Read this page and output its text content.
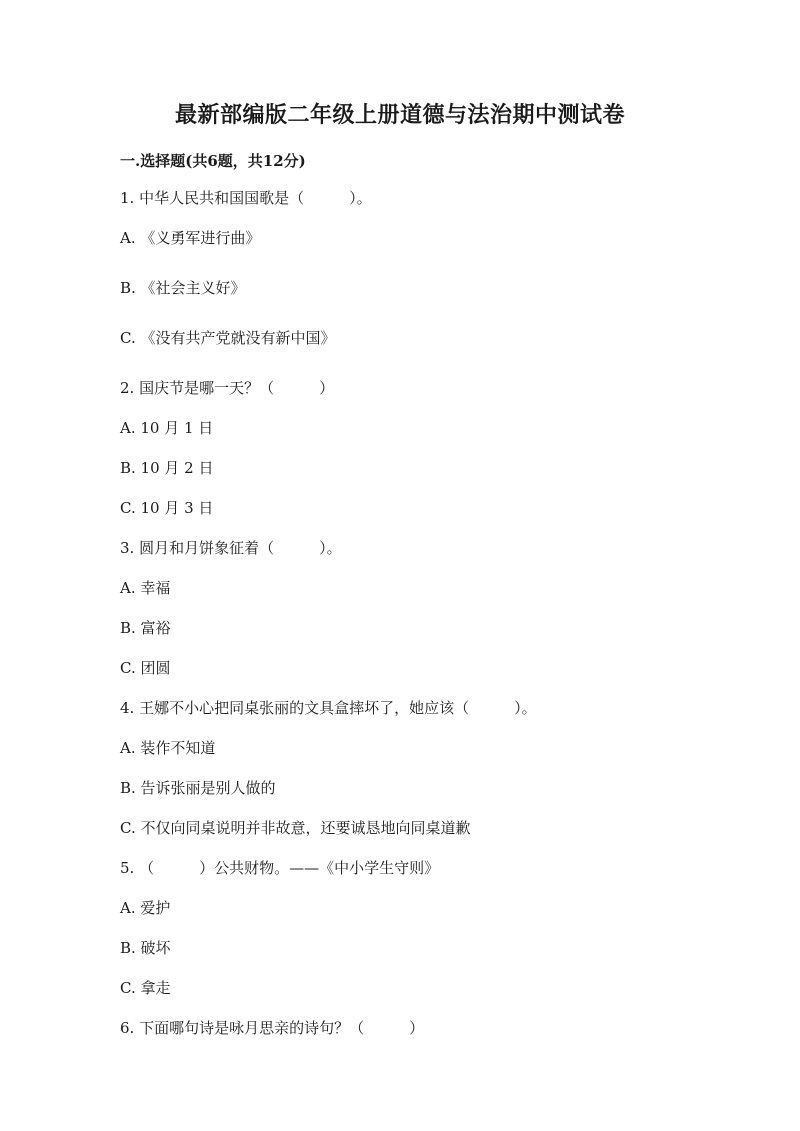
最新部编版二年级上册道德与法治期中测试卷
一.选择题(共6题，共12分)
1. 中华人民共和国国歌是（　　　）。
A. 《义勇军进行曲》
B. 《社会主义好》
C. 《没有共产党就没有新中国》
2. 国庆节是哪一天？（　　　）
A. 10 月 1 日
B. 10 月 2 日
C. 10 月 3 日
3. 圆月和月饼象征着（　　　）。
A. 幸福
B. 富裕
C. 团圆
4. 王娜不小心把同桌张丽的文具盒摔坏了，她应该（　　　）。
A. 装作不知道
B. 告诉张丽是别人做的
C. 不仅向同桌说明并非故意，还要诚恳地向同桌道歉
5. （　　　）公共财物。——《中小学生守则》
A. 爱护
B. 破坏
C. 拿走
6. 下面哪句诗是咏月思亲的诗句？（　　　）
